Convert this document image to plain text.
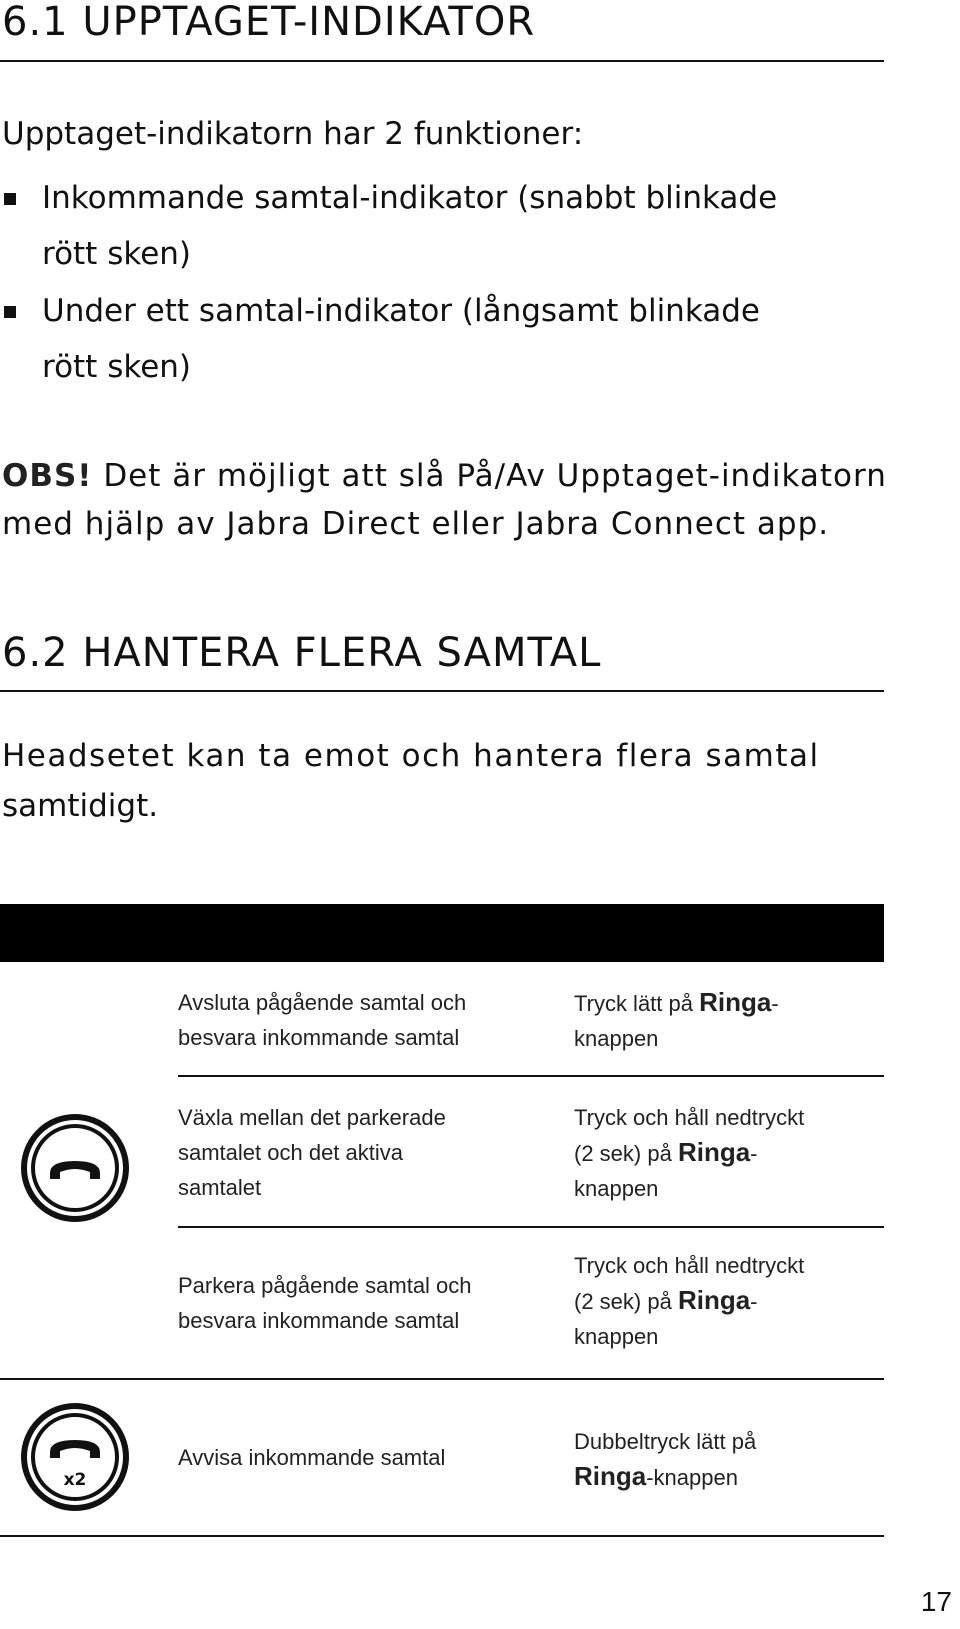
6.1 UPPTAGET-INDIKATOR

Upptaget-indikatorn har 2 funktioner:

Inkommande samtal-indikator (snabbt blinkade
rött sken)
Under ett samtal-indikator (långsamt blinkade
rött sken)

OBS! Det är möjligt att slå På/Av Upptaget-indikatorn

med hjälp av Jabra Direct eller Jabra Connect app.

6.2 HANTERA FLERA SAMTAL

Headsetet kan ta emot och hantera flera samtal

samtidigt.

Avsluta pågående samtal och
besvara inkommande samtal
Tryck lätt på Ringa-
knappen
Växla mellan det parkerade
samtalet och det aktiva
samtalet
Tryck och håll nedtryckt
(2 sek) på Ringa-
knappen
Parkera pågående samtal och
besvara inkommande samtal
Tryck och håll nedtryckt
(2 sek) på Ringa-
knappen
Avvisa inkommande samtal
Dubbeltryck lätt på
Ringa-knappen
x2
17
